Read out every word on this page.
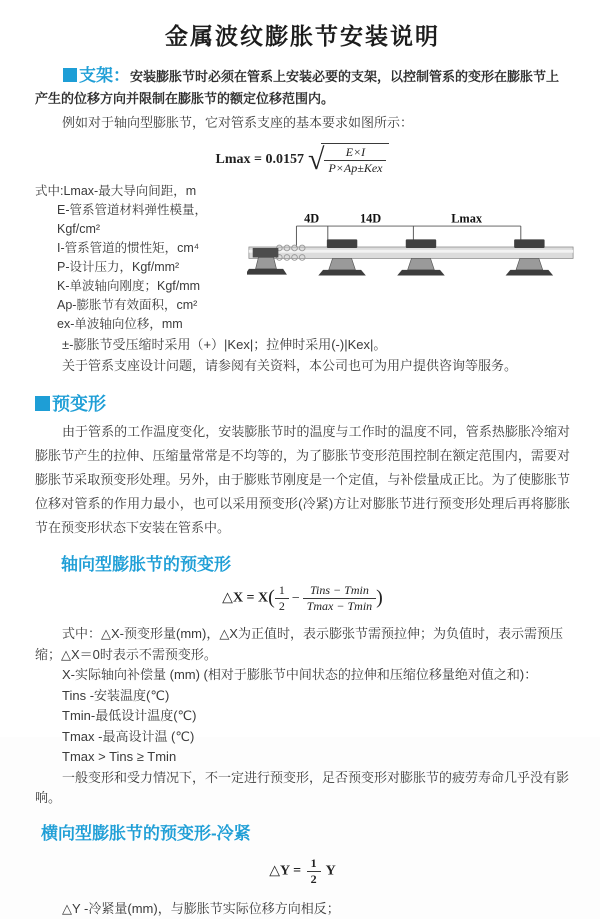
金属波纹膨胀节安装说明

支架：安装膨胀节时必须在管系上安装必要的支架，以控制管系的变形在膨胀节上产生的位移方向并限制在膨胀节的额定位移范围内。

例如对于轴向型膨胀节，它对管系支座的基本要求如图所示：

Lmax = 0.0157 √ $\frac{E\times I}{\text{P×Ap±Kex}}$
式中:Lmax-最大导向间距，m
E-管系管道材料弹性模量，Kgf/cm²
I-管系管道的惯性矩，cm⁴
P-设计压力，Kgf/mm²
K-单波轴向刚度；Kgf/mm
Ap-膨胀节有效面积，cm²
ex-单波轴向位移，mm
4D	14D	Lmax

±-膨胀节受压缩时采用（+）|Kex|；拉伸时采用(-)|Kex|。

关于管系支座设计问题，请参阅有关资料，本公司也可为用户提供咨询等服务。

预变形

由于管系的工作温度变化，安装膨胀节时的温度与工作时的温度不同，管系热膨胀冷缩对膨胀节产生的拉伸、压缩量常常是不均等的，为了膨胀节变形范围控制在额定范围内，需要对膨胀节采取预变形处理。另外，由于膨账节刚度是一个定值，与补偿量成正比。为了使膨胀节位移对管系的作用力最小，也可以采用预变形(冷紧)方让对膨胀节进行预变形处理后再将膨胀节在预变形状态下安装在管系中。

轴向型膨胀节的预变形
△X = $X( \frac{1}{2} - \frac{\text{Tins − Tmin}}{Tmax - Tmin}$ )

式中：△X-预变形量(mm)，△X为正值时，表示膨张节需预拉伸；为负值时，表示需预压缩；△X＝0时表示不需预变形。

X-实际轴向补偿量 (mm) (相对于膨胀节中间状态的拉伸和压缩位移量绝对值之和)：

Tins -安装温度(℃)

Tmin-最低设计温度(℃)

Tmax -最高设计温 (℃)

Tmax > Tins ≥ Tmin

一般变形和受力情况下，不一定进行预变形，足否预变形对膨胀节的疲劳寿命几乎没有影响。

横向型膨胀节的预变形-冷紧
△Y = $\frac{1}{2}$ Y

△Y -冷紧量(mm)，与膨胀节实际位移方向相反；
